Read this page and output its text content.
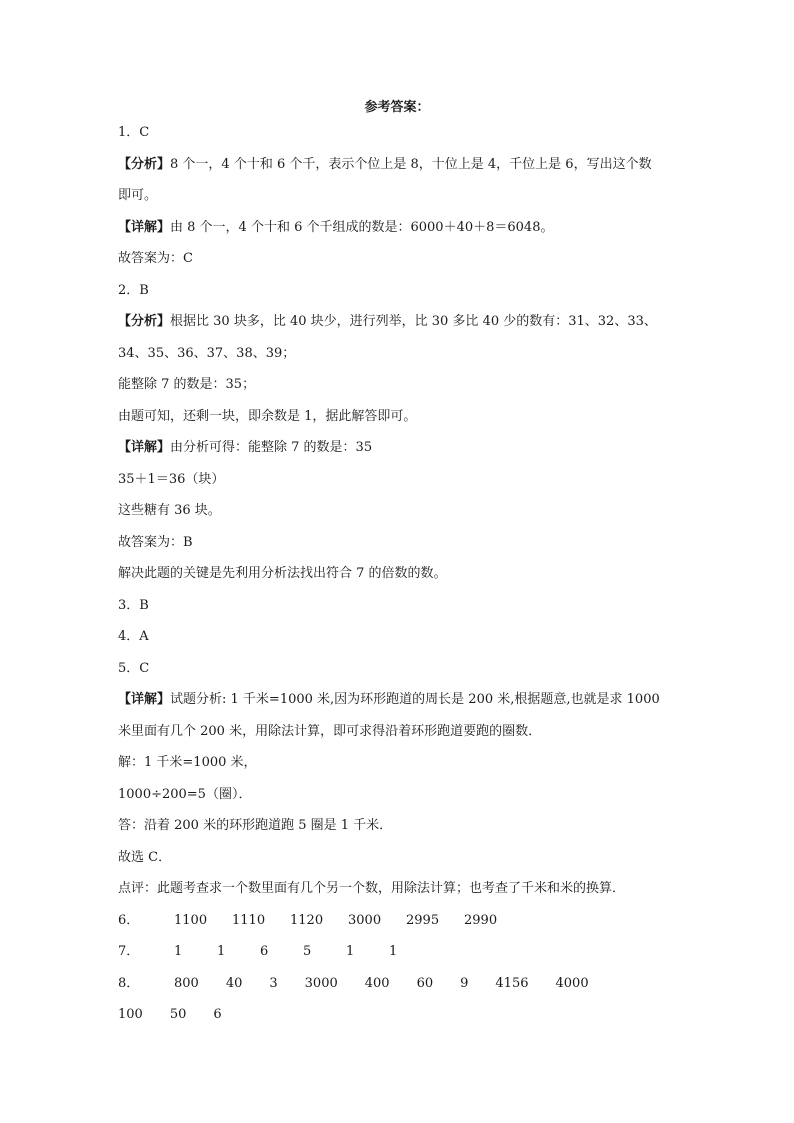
参考答案：
1．C
【分析】8 个一，4 个十和 6 个千，表示个位上是 8，十位上是 4，千位上是 6，写出这个数
即可。
【详解】由 8 个一，4 个十和 6 个千组成的数是：6000＋40＋8＝6048。
故答案为：C
2．B
【分析】根据比 30 块多，比 40 块少，进行列举，比 30 多比 40 少的数有：31、32、33、
34、35、36、37、38、39；
能整除 7 的数是：35；
由题可知，还剩一块，即余数是 1，据此解答即可。
【详解】由分析可得：能整除 7 的数是：35
35＋1＝36（块）
这些糖有 36 块。
故答案为：B
解决此题的关键是先利用分析法找出符合 7 的倍数的数。
3．B
4．A
5．C
【详解】试题分析: 1 千米=1000 米,因为环形跑道的周长是 200 米,根据题意,也就是求 1000
米里面有几个 200 米，用除法计算，即可求得沿着环形跑道要跑的圈数．
解：1 千米=1000 米，
1000÷200=5（圈）．
答：沿着 200 米的环形跑道跑 5 圈是 1 千米．
故选 C．
点评：此题考查求一个数里面有几个另一个数，用除法计算；也考查了千米和米的换算．
6．	1100	1110	1120	3000	2995	2990
7．	1	1	6	5	1	1
8．	800 40 3 3000 400 60 9 4156 4000
100 50 6
